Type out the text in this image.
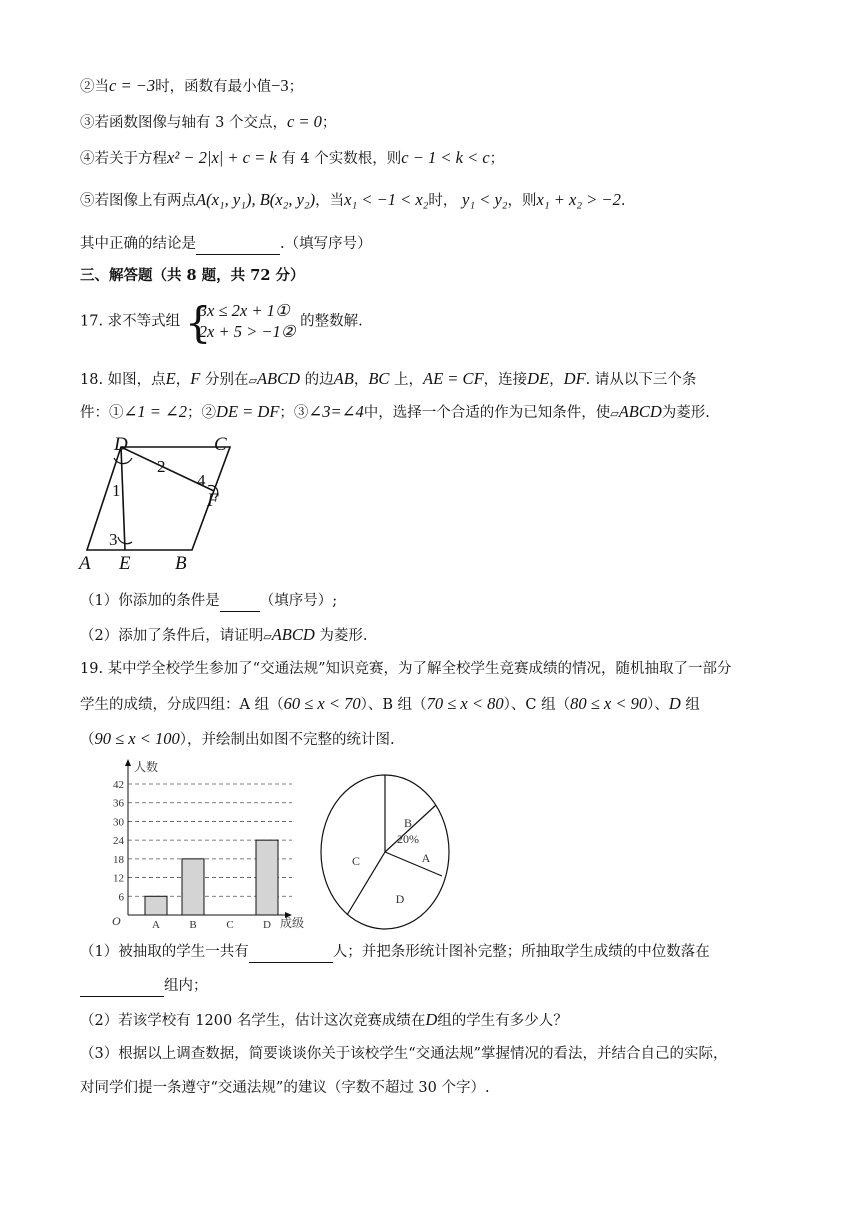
②当c = −3时，函数有最小值−3；
③若函数图像与轴有 3 个交点，c = 0；
④若关于方程x² − 2|x| + c = k 有 4 个实数根，则c − 1 < k < c；
⑤若图像上有两点A(x₁, y₁), B(x₂, y₂)，当x₁ < −1 < x₂时， y₁ < y₂，则x₁ + x₂ > −2.
其中正确的结论是	.（填写序号）
三、解答题（共 8 题，共 72 分）
17. 求不等式组 {
3x ≤ 2x + 1①
2x + 5 > −1②
的整数解.
18. 如图，点E，F 分别在▱ABCD 的边AB，BC 上，AE = CF，连接DE，DF. 请从以下三个条
件：①∠1 = ∠2；②DE = DF；③∠3=∠4中，选择一个合适的作为已知条件，使▱ABCD为菱形.
D	C
A E B
F
1
2
3
4
（1）你添加的条件是	（填序号）;
（2）添加了条件后，请证明▱ABCD 为菱形.
19. 某中学全校学生参加了“交通法规”知识竞赛，为了解全校学生竞赛成绩的情况，随机抽取了一部分
学生的成绩，分成四组：A 组（60 ≤ x < 70）、B 组（70 ≤ x < 80）、C 组（80 ≤ x < 90）、D 组
（90 ≤ x < 100），并绘制出如图不完整的统计图.
6
12
18
24
30
36
42
A	B	C	D
人数
成级
O
B
20%
A
D
C
（1）被抽取的学生一共有	人；并把条形统计图补完整；所抽取学生成绩的中位数落在
组内；
（2）若该学校有 1200 名学生，估计这次竞赛成绩在D组的学生有多少人？
（3）根据以上调查数据，简要谈谈你关于该校学生“交通法规”掌握情况的看法，并结合自己的实际，
对同学们提一条遵守“交通法规”的建议（字数不超过 30 个字）.
